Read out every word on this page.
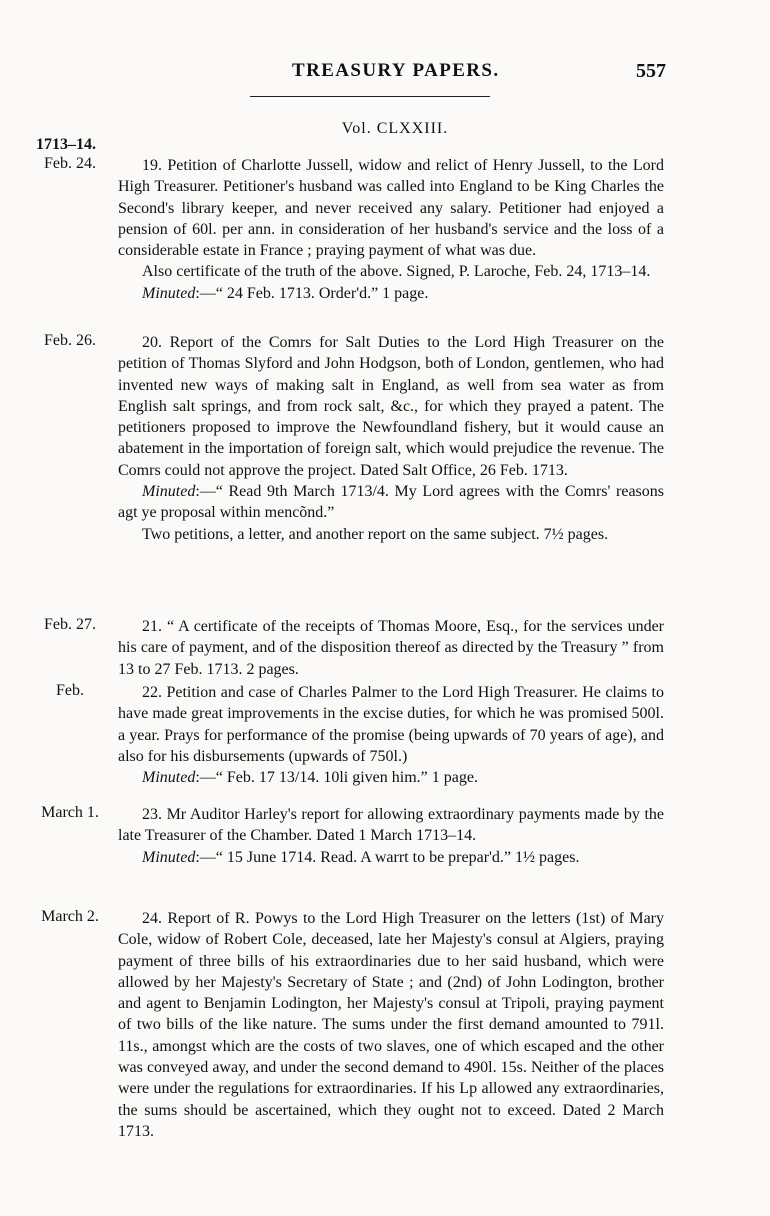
TREASURY PAPERS.	557
Vol. CLXXIII.
1713–14.
Feb. 24.	19. Petition of Charlotte Jussell, widow and relict of Henry Jussell, to the Lord High Treasurer. Petitioner's husband was called into England to be King Charles the Second's library keeper, and never received any salary. Petitioner had enjoyed a pension of 60l. per ann. in consideration of her husband's service and the loss of a considerable estate in France ; praying payment of what was due.

Also certificate of the truth of the above. Signed, P. Laroche, Feb. 24, 1713–14.

Minuted:—“ 24 Feb. 1713. Order'd.” 1 page.

Feb. 26.	20. Report of the Comrs for Salt Duties to the Lord High Treasurer on the petition of Thomas Slyford and John Hodgson, both of London, gentlemen, who had invented new ways of making salt in England, as well from sea water as from English salt springs, and from rock salt, &c., for which they prayed a patent. The petitioners proposed to improve the Newfoundland fishery, but it would cause an abatement in the importation of foreign salt, which would prejudice the revenue. The Comrs could not approve the project. Dated Salt Office, 26 Feb. 1713.

Minuted:—“ Read 9th March 1713/4. My Lord agrees with the Comrs' reasons agt ye proposal within mencõnd.”

Two petitions, a letter, and another report on the same subject. 7½ pages.

Feb. 27.	21. “ A certificate of the receipts of Thomas Moore, Esq., for the services under his care of payment, and of the disposition thereof as directed by the Treasury ” from 13 to 27 Feb. 1713. 2 pages.

Feb.	22. Petition and case of Charles Palmer to the Lord High Treasurer. He claims to have made great improvements in the excise duties, for which he was promised 500l. a year. Prays for performance of the promise (being upwards of 70 years of age), and also for his disbursements (upwards of 750l.)

Minuted:—“ Feb. 17 13/14. 10li given him.” 1 page.

March 1.	23. Mr Auditor Harley's report for allowing extraordinary payments made by the late Treasurer of the Chamber. Dated 1 March 1713–14.

Minuted:—“ 15 June 1714. Read. A warrt to be prepar'd.” 1½ pages.

March 2.	24. Report of R. Powys to the Lord High Treasurer on the letters (1st) of Mary Cole, widow of Robert Cole, deceased, late her Majesty's consul at Algiers, praying payment of three bills of his extraordinaries due to her said husband, which were allowed by her Majesty's Secretary of State ; and (2nd) of John Lodington, brother and agent to Benjamin Lodington, her Majesty's consul at Tripoli, praying payment of two bills of the like nature. The sums under the first demand amounted to 791l. 11s., amongst which are the costs of two slaves, one of which escaped and the other was conveyed away, and under the second demand to 490l. 15s. Neither of the places were under the regulations for extraordinaries. If his Lp allowed any extraordinaries, the sums should be ascertained, which they ought not to exceed. Dated 2 March 1713.
